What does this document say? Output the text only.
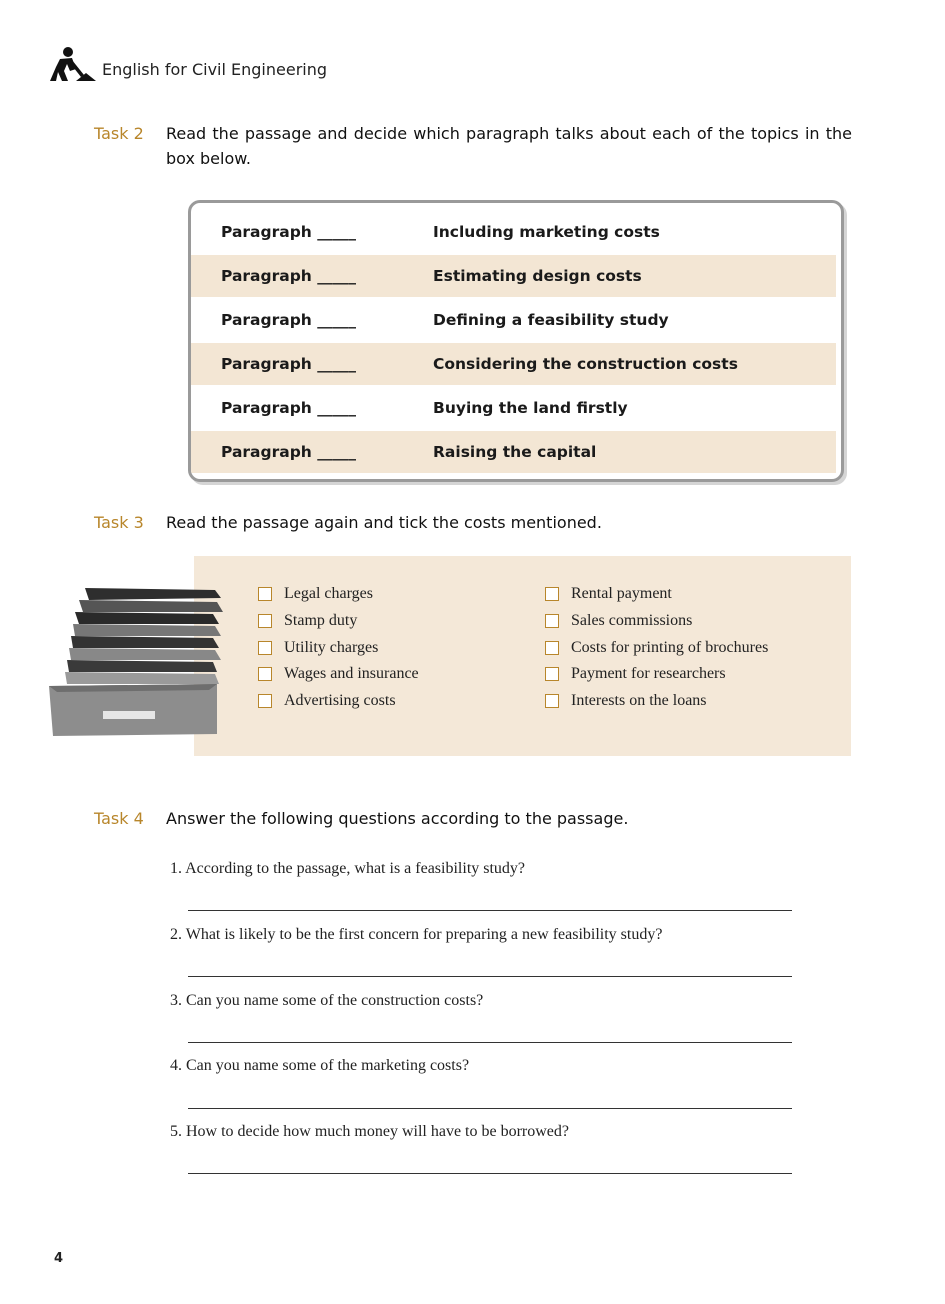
English for Civil Engineering
Task 2 Read the passage and decide which paragraph talks about each of the topics in the box below.
Paragraph _____	Including marketing costs
Paragraph _____	Estimating design costs
Paragraph _____	Defining a feasibility study
Paragraph _____	Considering the construction costs
Paragraph _____	Buying the land firstly
Paragraph _____	Raising the capital
Task 3 Read the passage again and tick the costs mentioned.
Legal charges
Stamp duty
Utility charges
Wages and insurance
Advertising costs
Rental payment
Sales commissions
Costs for printing of brochures
Payment for researchers
Interests on the loans
Task 4 Answer the following questions according to the passage.
1. According to the passage, what is a feasibility study?
2. What is likely to be the first concern for preparing a new feasibility study?
3. Can you name some of the construction costs?
4. Can you name some of the marketing costs?
5. How to decide how much money will have to be borrowed?
4
